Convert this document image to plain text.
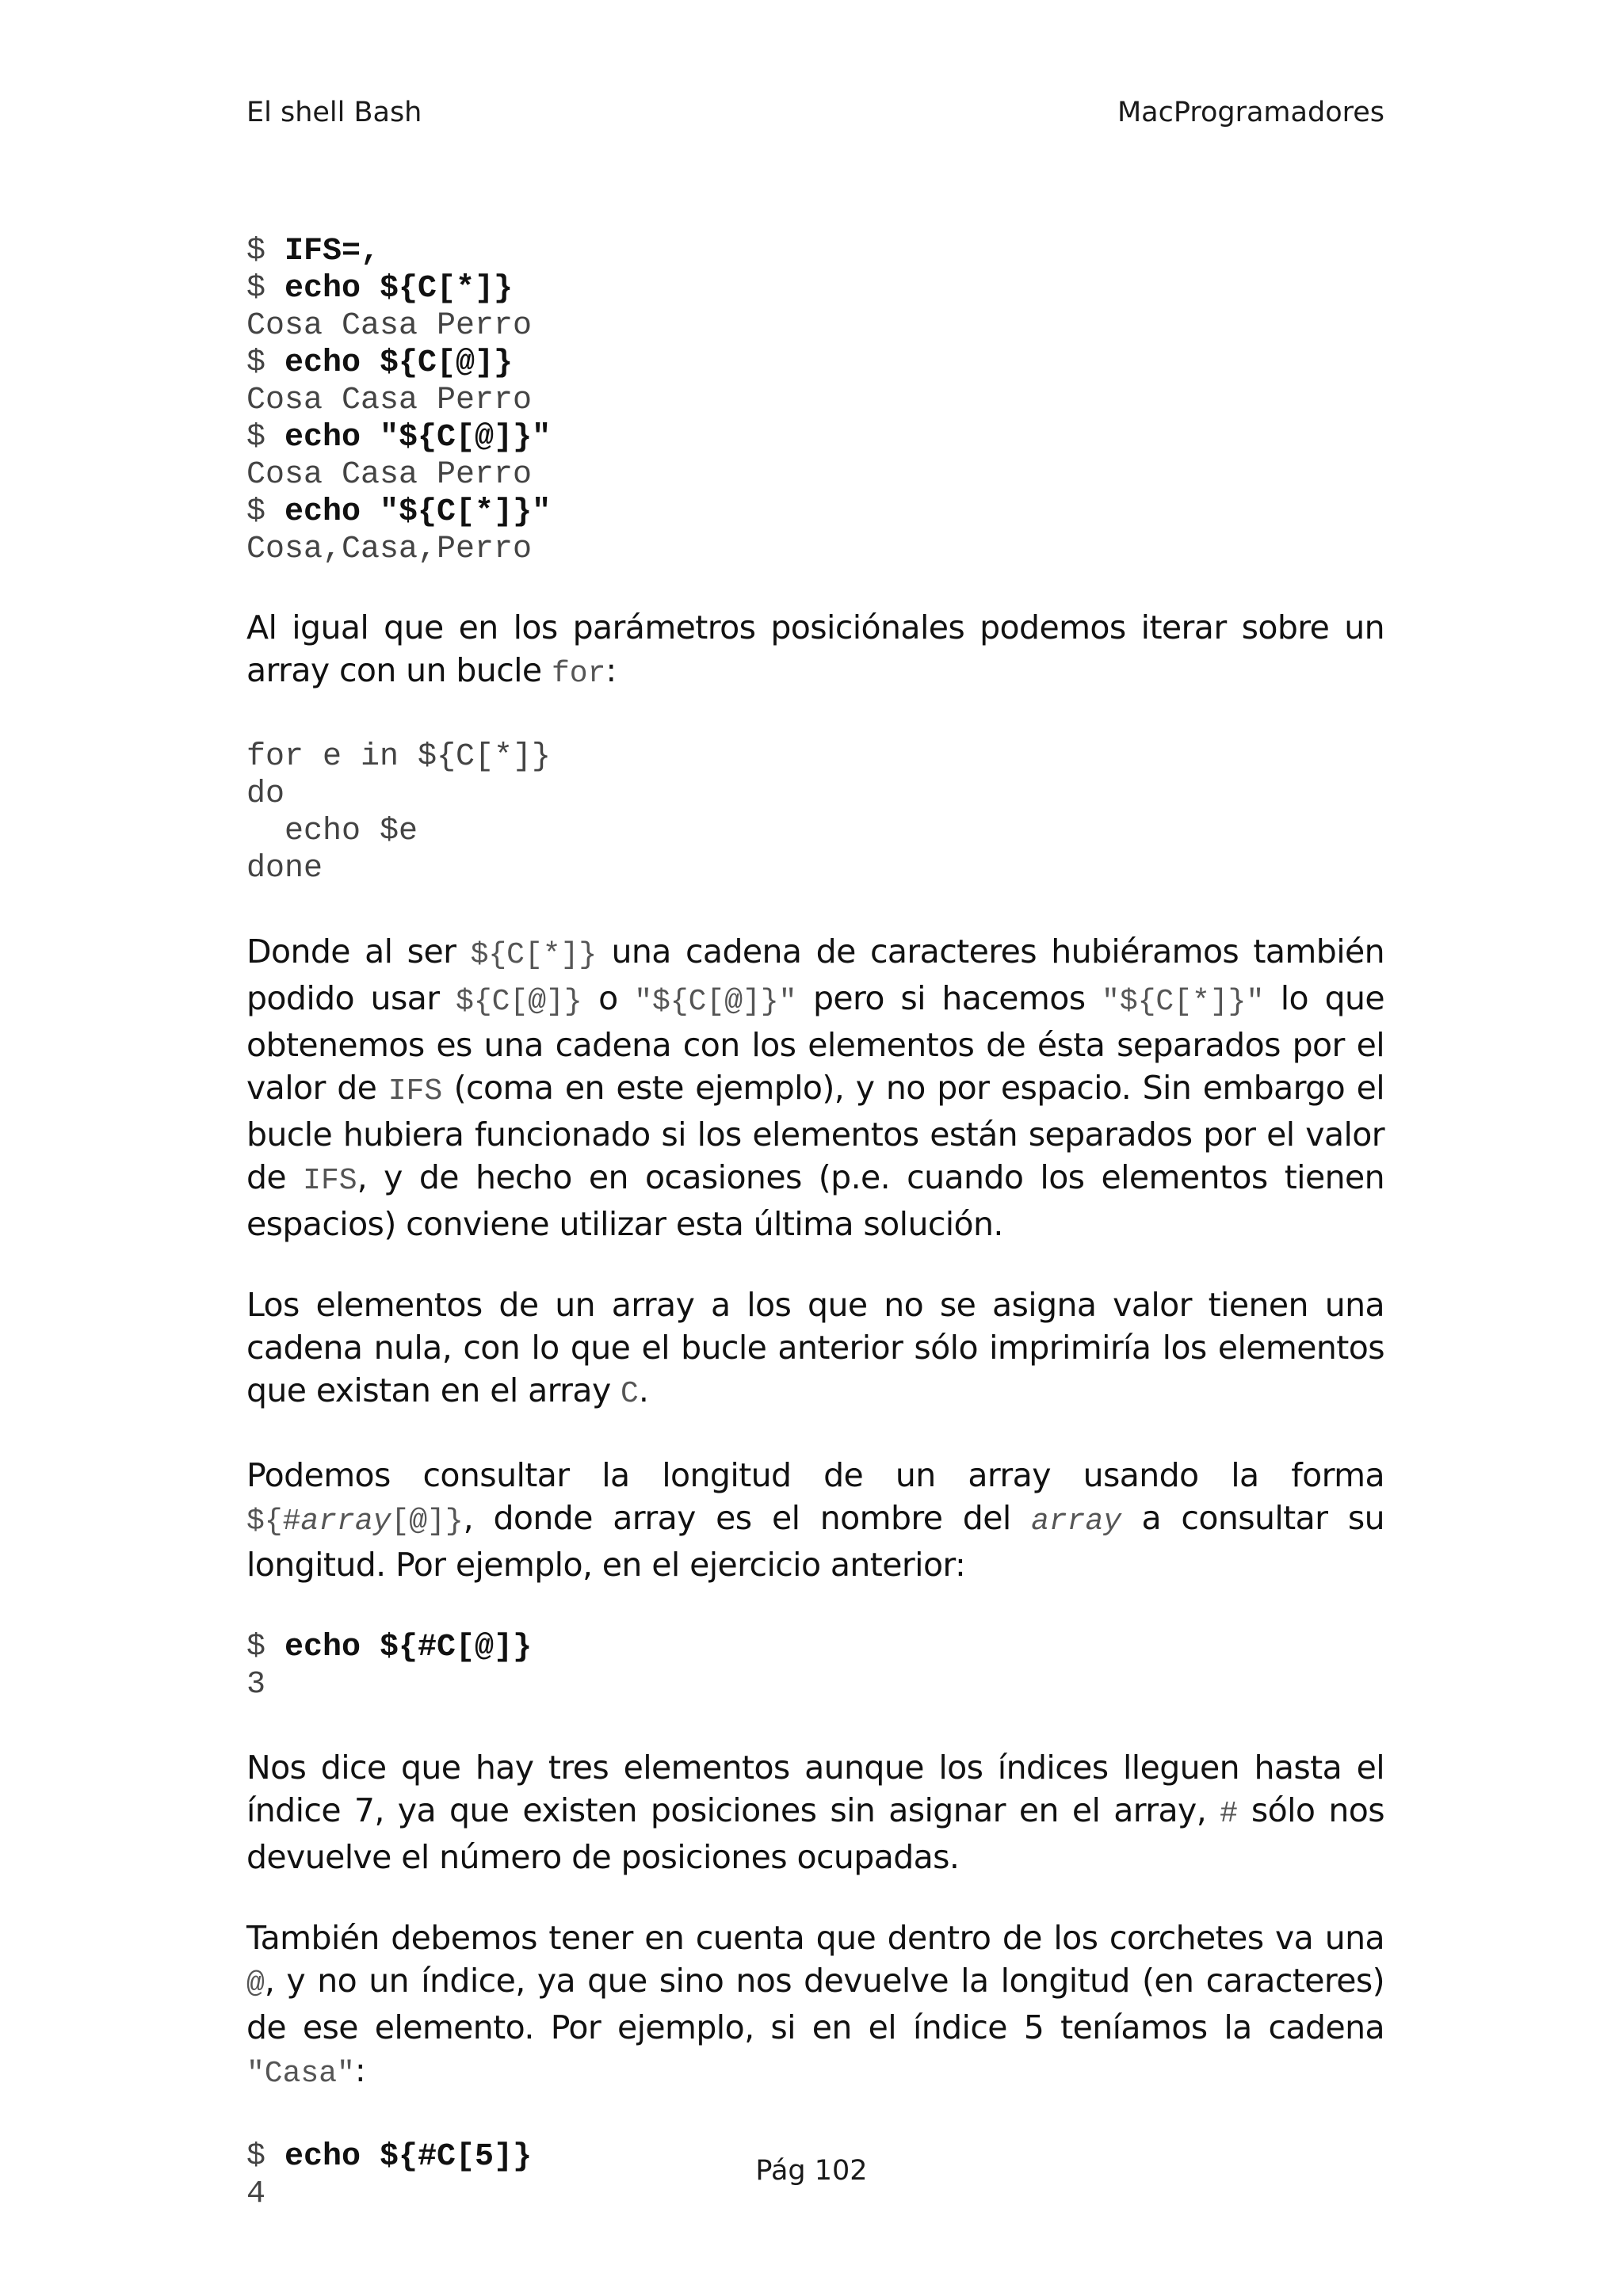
El shell Bash	MacProgramadores
$ IFS=,
$ echo ${C[*]}
Cosa Casa Perro
$ echo ${C[@]}
Cosa Casa Perro
$ echo "${C[@]}"
Cosa Casa Perro
$ echo "${C[*]}"
Cosa,Casa,Perro

Al igual que en los parámetros posiciónales podemos iterar sobre un array con un bucle for:

for e in ${C[*]}
do
echo $e
done

Donde al ser ${C[*]} una cadena de caracteres hubiéramos también podido usar ${C[@]} o "${C[@]}" pero si hacemos "${C[*]}" lo que obtenemos es una cadena con los elementos de ésta separados por el valor de IFS (coma en este ejemplo), y no por espacio. Sin embargo el bucle hubiera funcionado si los elementos están separados por el valor de IFS, y de hecho en ocasiones (p.e. cuando los elementos tienen espacios) conviene utilizar esta última solución.

Los elementos de un array a los que no se asigna valor tienen una cadena nula, con lo que el bucle anterior sólo imprimiría los elementos que existan en el array C.

Podemos consultar la longitud de un array usando la forma ${#array[@]}, donde array es el nombre del array a consultar su longitud. Por ejemplo, en el ejercicio anterior:

$ echo ${#C[@]}
3

Nos dice que hay tres elementos aunque los índices lleguen hasta el índice 7, ya que existen posiciones sin asignar en el array, # sólo nos devuelve el número de posiciones ocupadas.

También debemos tener en cuenta que dentro de los corchetes va una @, y no un índice, ya que sino nos devuelve la longitud (en caracteres) de ese elemento. Por ejemplo, si en el índice 5 teníamos la cadena "Casa":

$ echo ${#C[5]}
4
Pág 102
